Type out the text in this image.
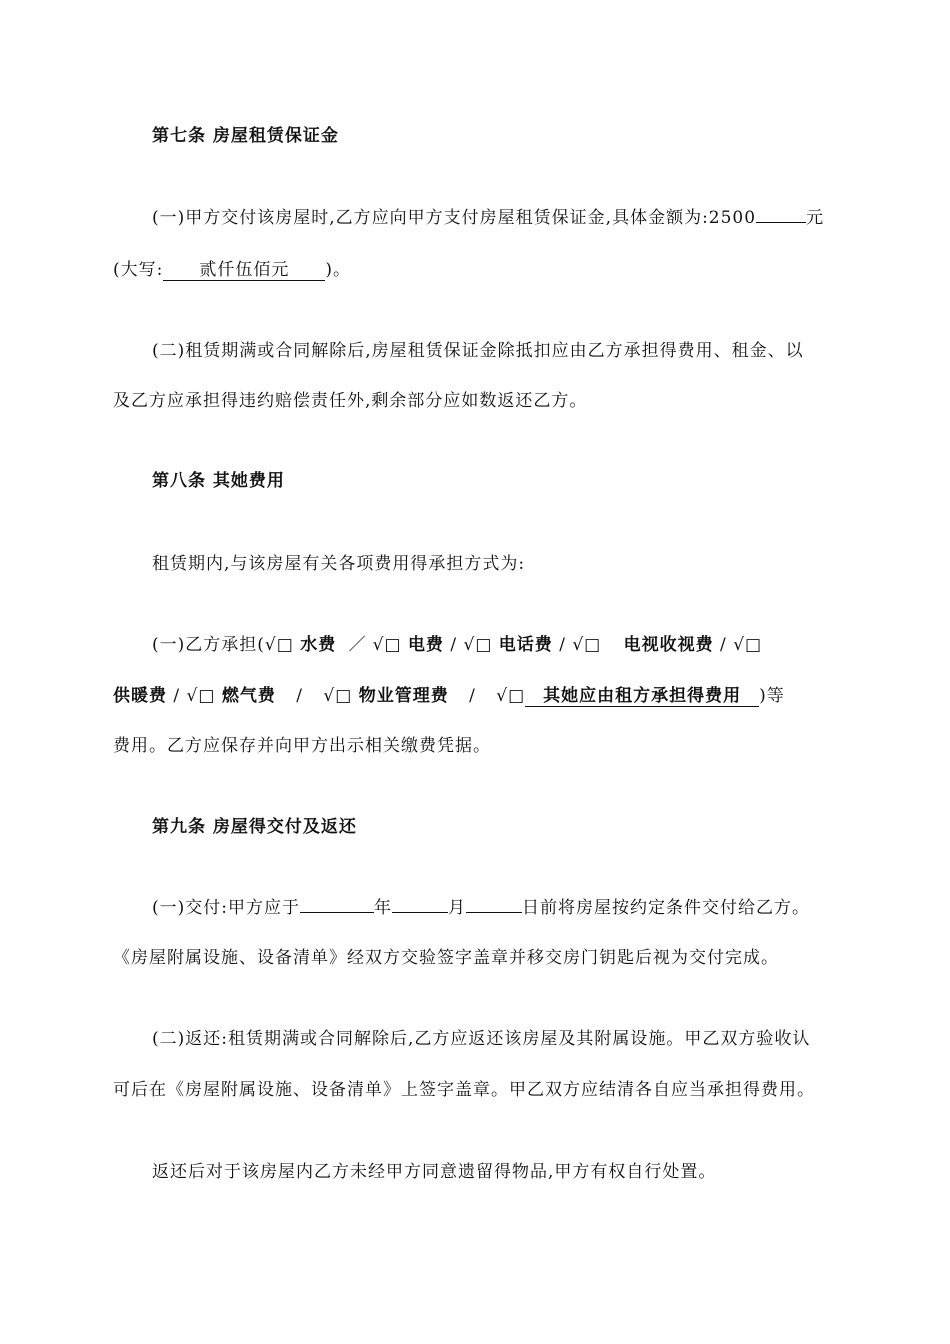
第七条 房屋租赁保证金
(一)甲方交付该房屋时,乙方应向甲方支付房屋租赁保证金,具体金额为:2500	元
(大写: 贰仟伍佰元 )。
(二)租赁期满或合同解除后,房屋租赁保证金除抵扣应由乙方承担得费用、租金、以
及乙方应承担得违约赔偿责任外,剩余部分应如数返还乙方。
第八条 其她费用
租赁期内,与该房屋有关各项费用得承担方式为:
(一)乙方承担(√□ 水费 ／ √□ 电费 / √□ 电话费 / √□ 电视收视费 / √□
供暖费 / √□ 燃气费 / √□ 物业管理费 / √□ 其她应由租方承担得费用 )等
费用。乙方应保存并向甲方出示相关缴费凭据。
第九条 房屋得交付及返还
(一)交付:甲方应于	年	月	日前将房屋按约定条件交付给乙方。
《房屋附属设施、设备清单》经双方交验签字盖章并移交房门钥匙后视为交付完成。
(二)返还:租赁期满或合同解除后,乙方应返还该房屋及其附属设施。甲乙双方验收认
可后在《房屋附属设施、设备清单》上签字盖章。甲乙双方应结清各自应当承担得费用。
返还后对于该房屋内乙方未经甲方同意遗留得物品,甲方有权自行处置。
